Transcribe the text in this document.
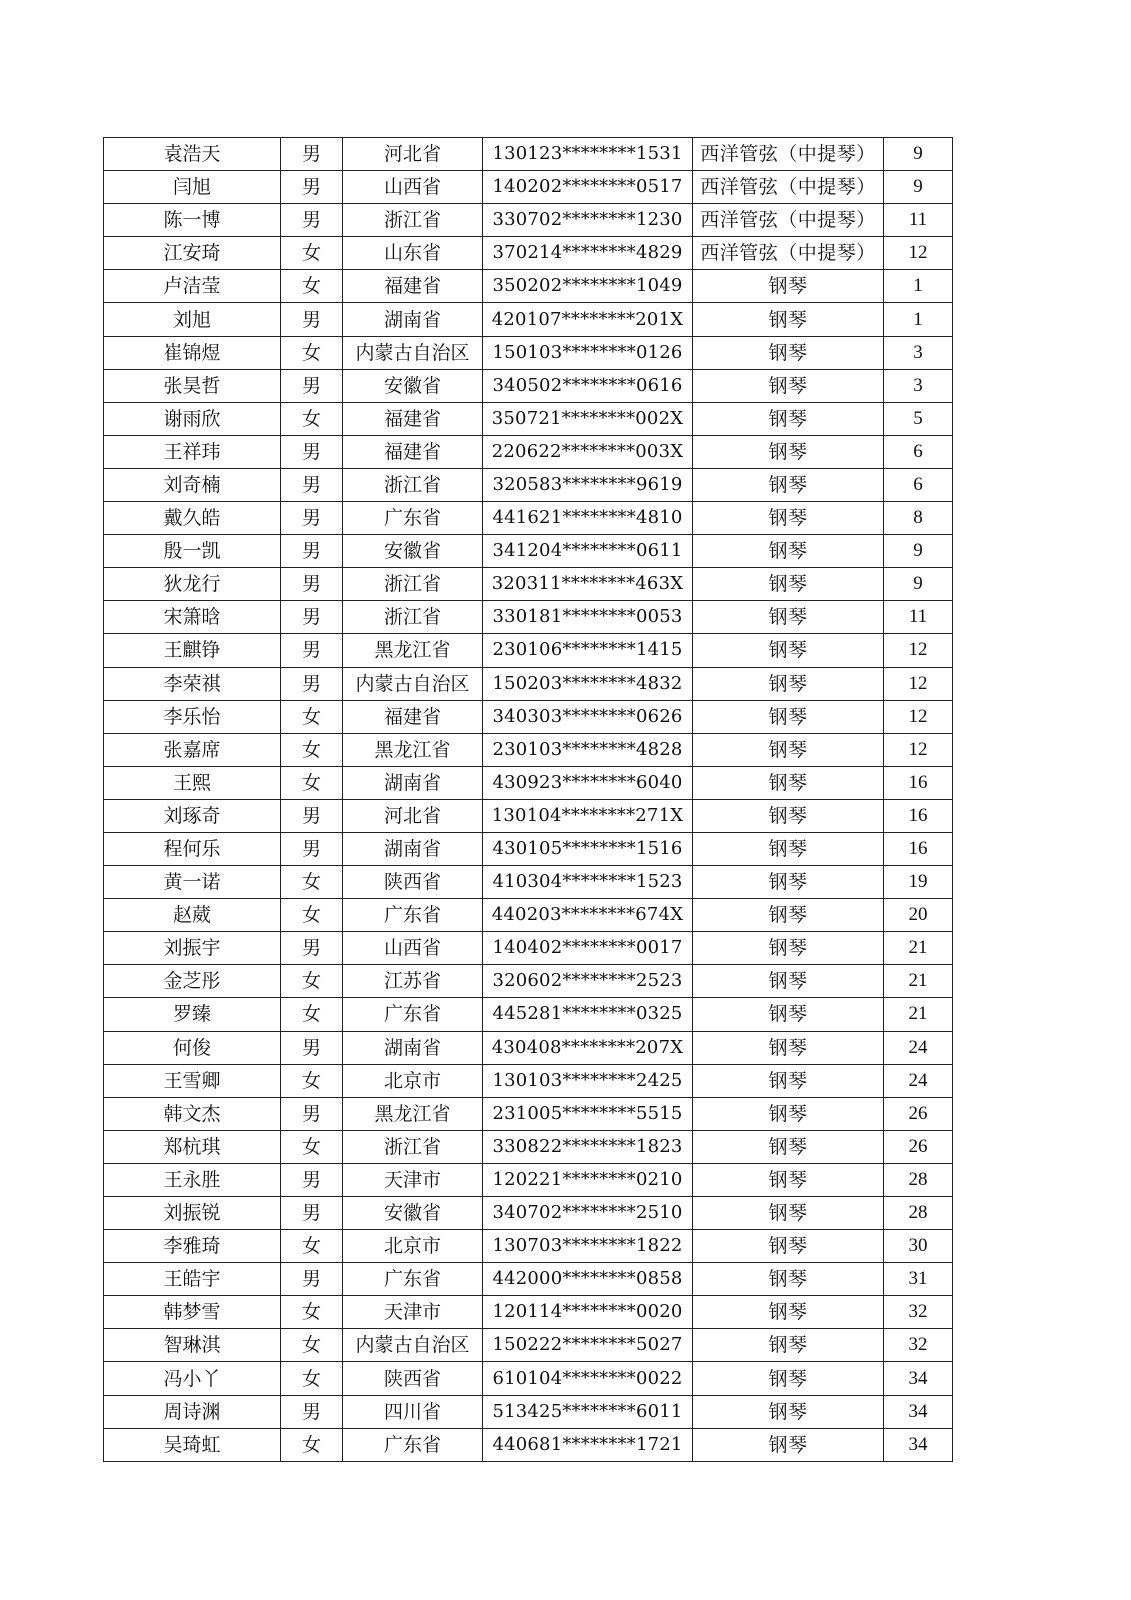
袁浩天	男	河北省	130123********1531	西洋管弦（中提琴）	9
闫旭	男	山西省	140202********0517	西洋管弦（中提琴）	9
陈一博	男	浙江省	330702********1230	西洋管弦（中提琴）	11
江安琦	女	山东省	370214********4829	西洋管弦（中提琴）	12
卢洁莹	女	福建省	350202********1049	钢琴	1
刘旭	男	湖南省	420107********201X	钢琴	1
崔锦煜	女	内蒙古自治区	150103********0126	钢琴	3
张昊哲	男	安徽省	340502********0616	钢琴	3
谢雨欣	女	福建省	350721********002X	钢琴	5
王祥玮	男	福建省	220622********003X	钢琴	6
刘奇楠	男	浙江省	320583********9619	钢琴	6
戴久皓	男	广东省	441621********4810	钢琴	8
殷一凯	男	安徽省	341204********0611	钢琴	9
狄龙行	男	浙江省	320311********463X	钢琴	9
宋箫晗	男	浙江省	330181********0053	钢琴	11
王麒铮	男	黑龙江省	230106********1415	钢琴	12
李荣祺	男	内蒙古自治区	150203********4832	钢琴	12
李乐怡	女	福建省	340303********0626	钢琴	12
张嘉席	女	黑龙江省	230103********4828	钢琴	12
王熙	女	湖南省	430923********6040	钢琴	16
刘琢奇	男	河北省	130104********271X	钢琴	16
程何乐	男	湖南省	430105********1516	钢琴	16
黄一诺	女	陕西省	410304********1523	钢琴	19
赵葳	女	广东省	440203********674X	钢琴	20
刘振宇	男	山西省	140402********0017	钢琴	21
金芝彤	女	江苏省	320602********2523	钢琴	21
罗臻	女	广东省	445281********0325	钢琴	21
何俊	男	湖南省	430408********207X	钢琴	24
王雪卿	女	北京市	130103********2425	钢琴	24
韩文杰	男	黑龙江省	231005********5515	钢琴	26
郑杭琪	女	浙江省	330822********1823	钢琴	26
王永胜	男	天津市	120221********0210	钢琴	28
刘振锐	男	安徽省	340702********2510	钢琴	28
李雅琦	女	北京市	130703********1822	钢琴	30
王皓宇	男	广东省	442000********0858	钢琴	31
韩梦雪	女	天津市	120114********0020	钢琴	32
智琳淇	女	内蒙古自治区	150222********5027	钢琴	32
冯小丫	女	陕西省	610104********0022	钢琴	34
周诗渊	男	四川省	513425********6011	钢琴	34
吴琦虹	女	广东省	440681********1721	钢琴	34
